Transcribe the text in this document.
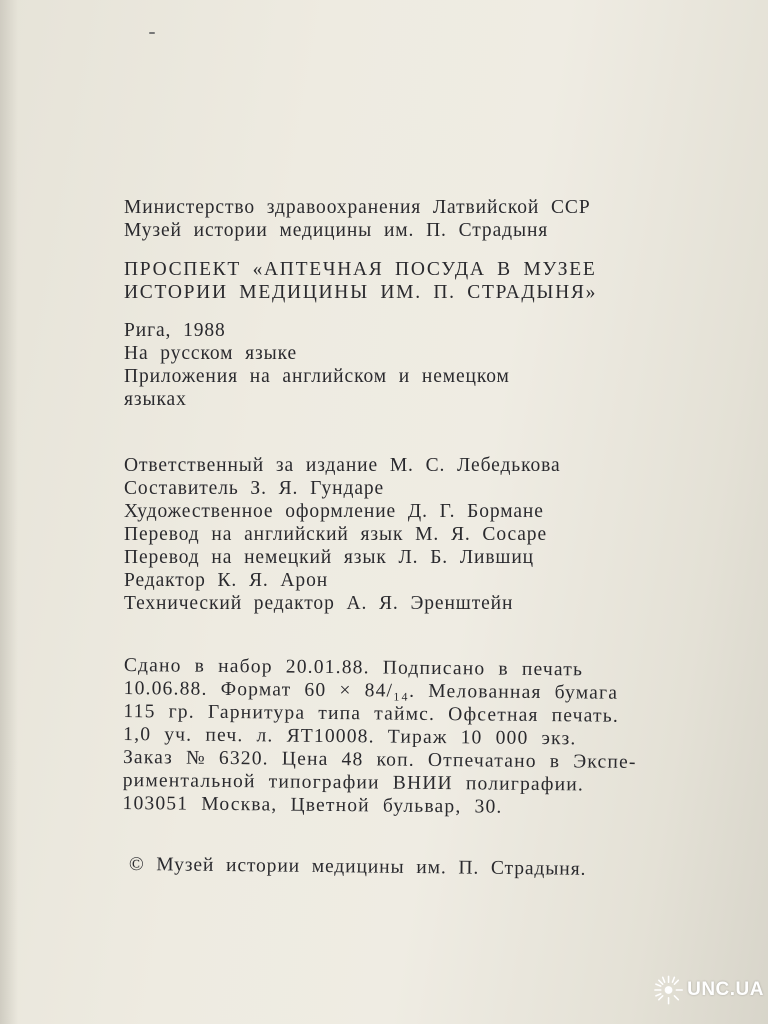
Министерство здравоохранения Латвийской ССР
Музей истории медицины им. П. Страдыня
ПРОСПЕКТ «АПТЕЧНАЯ ПОСУДА В МУЗЕЕ
ИСТОРИИ МЕДИЦИНЫ ИМ. П. СТРАДЫНЯ»
Рига, 1988
На русском языке
Приложения на английском и немецком
языках
Ответственный за издание М. С. Лебедькова
Составитель З. Я. Гундаре
Художественное оформление Д. Г. Бормане
Перевод на английский язык М. Я. Сосаре
Перевод на немецкий язык Л. Б. Лившиц
Редактор К. Я. Арон
Технический редактор А. Я. Эренштейн
Сдано в набор 20.01.88. Подписано в печать
10.06.88. Формат 60 × 84/₁₄. Мелованная бумага
115 гр. Гарнитура типа таймс. Офсетная печать.
1,0 уч. печ. л. ЯТ10008. Тираж 10 000 экз.
Заказ № 6320. Цена 48 коп. Отпечатано в Экспе-
риментальной типографии ВНИИ полиграфии.
103051 Москва, Цветной бульвар, 30.
© Музей истории медицины им. П. Страдыня.
UNC.UA
